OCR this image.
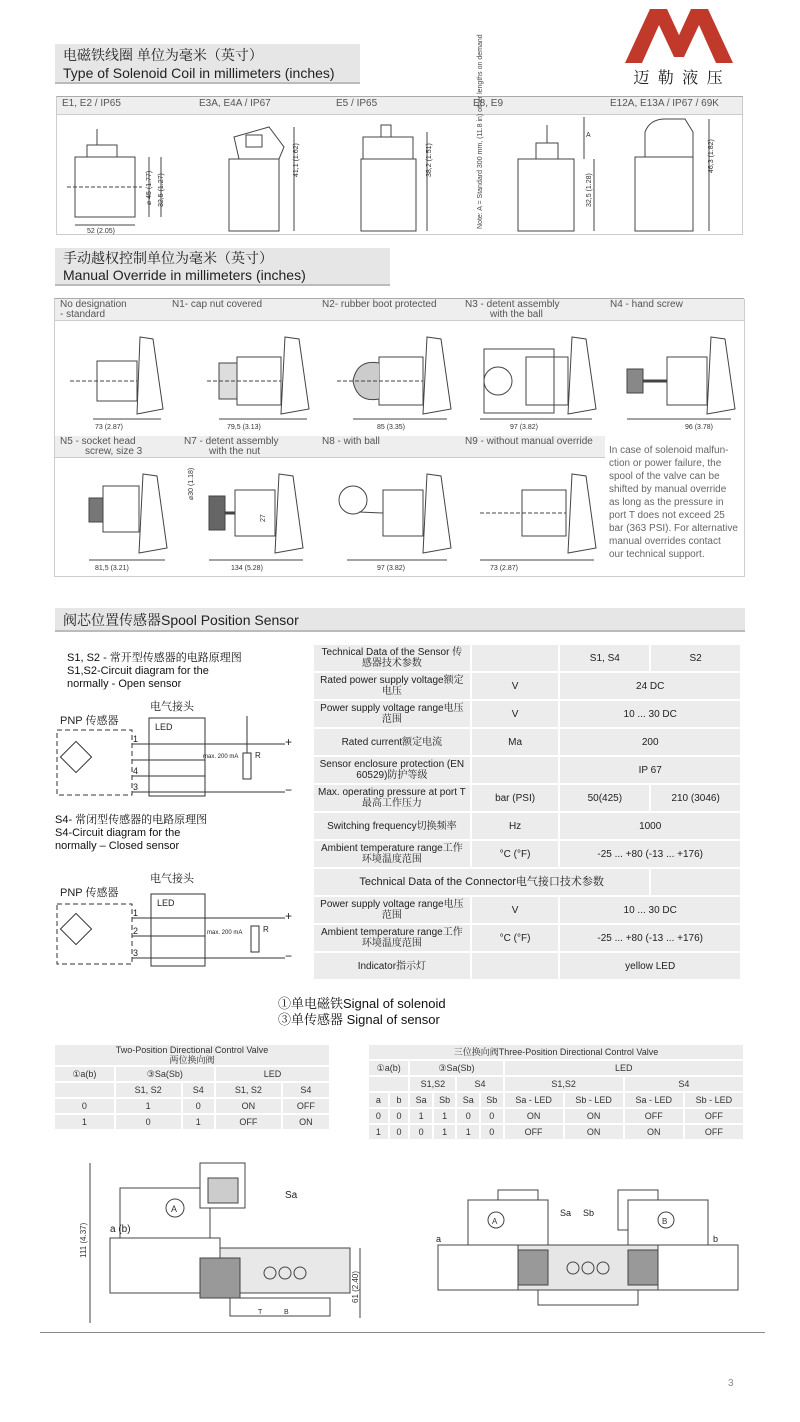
迈 勒 液 压
电磁铁线圈 单位为毫米（英寸）
Type of Solenoid Coil in millimeters (inches)
E1, E2 / IP65
⌀ 45 (1.77) 32,5 (1.27)
52 (2.05)
E3A, E4A / IP67
41,1 (1.62)
E5 / IP65
38,2 (1.51)
E8, E9
Note: A = Standard 300 mm, (11.8 in) other lengths on demand	A
32,5 (1.28)
E12A, E13A / IP67 / 69K
46,3 (1.82)
手动越权控制单位为毫米（英寸）
Manual Override in millimeters (inches)
No designation
- standard
73 (2.87)
N1- cap nut covered
79,5 (3.13)
N2- rubber boot protected
85 (3.35)
N3 - detent assembly
with the ball
97 (3.82)
N4 - hand screw
96 (3.78)
N5 - socket head
screw, size 3
81,5 (3.21)
N7 - detent assembly
with the nut
134 (5.28)
⌀30 (1.18)
27
N8 - with ball
97 (3.82)
N9 - without manual override
73 (2.87)
In case of solenoid malfun-
ction or power failure, the
spool of the valve can be
shifted by manual override
as long as the pressure in
port T does not exceed 25
bar (363 PSI). For alternative
manual overrides contact
our technical support.
阀芯位置传感器Spool Position Sensor
S1, S2 - 常开型传感器的电路原理图
S1,S2-Circuit diagram for the
normally - Open sensor
PNP 传感器
电气接头
1
4
3
LED
max. 200 mA R
+
−
S4- 常闭型传感器的电路原理图
S4-Circuit diagram for the
normally – Closed sensor
PNP 传感器
电气接头
1
2
3
LED
max. 200 mA	R
+
−
Technical Data of the Sensor 传感器技术参数		S1, S4	S2
Rated power supply voltage额定电压	V	24 DC	
Power supply voltage range电压范围	V	10 ... 30 DC	
Rated current额定电流	Ma	200	
Sensor enclosure protection (EN 60529)防护等级		IP 67	
Max. operating pressure at port T 最高工作压力	bar (PSI)	50(425)	210 (3046)
Switching frequency切换频率	Hz	1000	
Ambient temperature range工作环境温度范围	°C (°F)	-25 ... +80 (-13 ... +176)	
Technical Data of the Connector电气接口技术参数			
Power supply voltage range电压范围	V	10 ... 30 DC	
Ambient temperature range工作环境温度范围	°C (°F)	-25 ... +80 (-13 ... +176)	
Indicator指示灯		yellow LED	
①单电磁铁Signal of solenoid
③单传感器 Signal of sensor
Two-Position Directional Control Valve
两位换向阀				

①a(b)	③Sa(Sb)		LED	
	S1, S2	S4	S1, S2	S4
0	1	0	ON	OFF
1	0	1	OFF	ON
三位换向阀Three-Position Directional Control Valve									
①a(b)		③Sa(Sb)				LED			
		S1,S2		S4		S1,S2		S4	
a	b	Sa	Sb	Sa	Sb	Sa - LED	Sb - LED	Sa - LED	Sb - LED
0	0	1	1	0	0	ON	ON	OFF	OFF
1	0	0	1	1	0	OFF	ON	ON	OFF
111 (4.37)
A
Sa
a (b)
61 (2.40)
T	B
A	B
a	b
Sa Sb
3
